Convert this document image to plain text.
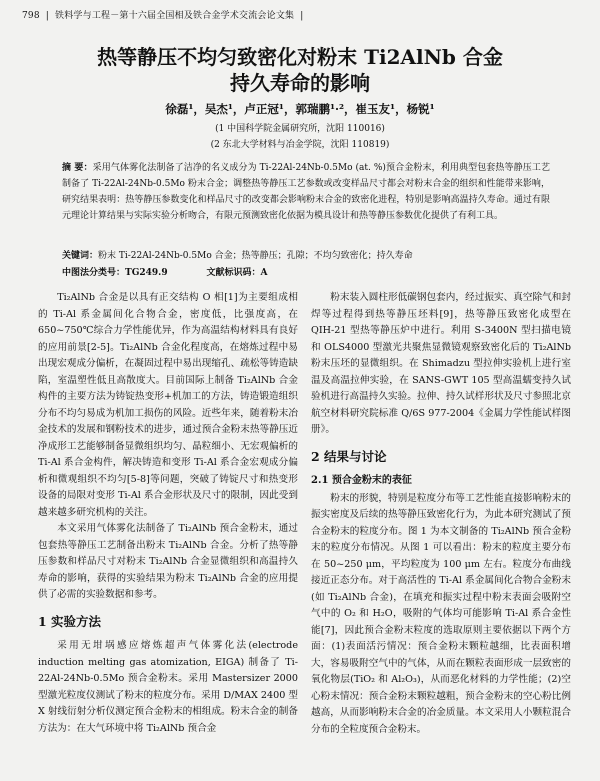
798 | 铁料学与工程－第十六届全国相及铁合金学术交流会论文集 |
热等静压不均匀致密化对粉末 Ti2AlNb 合金
持久寿命的影响
徐磊¹，吴杰¹，卢正冠¹，郭瑞鹏¹·²，崔玉友¹，杨锐¹
(1 中国科学院金属研究所，沈阳 110016)
(2 东北大学材料与冶金学院，沈阳 110819)
摘 要：采用气体雾化法制备了洁净的名义成分为 Ti-22Al-24Nb-0.5Mo (at. %)预合金粉末，利用典型包套热等静压工艺制备了 Ti-22Al-24Nb-0.5Mo 粉末合金；调整热等静压工艺参数或改变样品尺寸都会对粉末合金的组织和性能带来影响，研究结果表明：热等静压参数变化和样品尺寸的改变都会影响粉末合金的致密化进程，特别是影响高温持久寿命。通过有限元理论计算结果与实际实验分析吻合，有限元预测致密化依据为模具设计和热等静压参数优化提供了有利工具。
关键词：粉末 Ti-22Al-24Nb-0.5Mo 合金；热等静压；孔隙；不均匀致密化；持久寿命
中图法分类号：TG249.9	文献标识码：A

Ti₂AlNb 合金是以具有正交结构 O 相[1]为主要组成相的 Ti-Al 系金属间化合物合金，密度低，比强度高，在 650~750℃综合力学性能优异，作为高温结构材料具有良好的应用前景[2-5]。Ti₂AlNb 合金化程度高，在熔炼过程中易出现宏观成分偏析，在凝固过程中易出现缩孔、疏松等铸造缺陷，室温塑性低且高散度大。目前国际上制备 Ti₂AlNb 合金构件的主要方法为铸锭热变形+机加工的方法，铸造锻造组织分布不均匀易成为机加工损伤的风险。近些年来，随着粉末冶金技术的发展和钢粉技术的进步，通过预合金粉末热等静压近净成形工艺能够制备显微组织均匀、晶粒细小、无宏观偏析的 Ti-Al 系合金构件，解决铸造和变形 Ti-Al 系合金宏观成分偏析和微观组织不均匀[5-8]等问题，突破了铸锭尺寸和热变形设备的局限对变形 Ti-Al 系合金形状及尺寸的限制，因此受到越来越多研究机构的关注。

本文采用气体雾化法制备了 Ti₂AlNb 预合金粉末，通过包套热等静压工艺制备出粉末 Ti₂AlNb 合金。分析了热等静压参数和样品尺寸对粉末 Ti₂AlNb 合金显微组织和高温持久寿命的影响，获得的实验结果为粉末 Ti₂AlNb 合金的应用提供了必需的实验数据和参考。

1 实验方法

采用无坩埚感应熔炼超声气体雾化法(electrode induction melting gas atomization, EIGA) 制备了 Ti-22Al-24Nb-0.5Mo 预合金粉末。采用 Mastersizer 2000 型激光粒度仪测试了粉末的粒度分布。采用 D/MAX 2400 型 X 射线衍射分析仪测定预合金粉末的相组成。粉末合金的制备方法为：在大气环境中将 Ti₂AlNb 预合金

粉末装入圆柱形低碳钢包套内，经过振实、真空除气和封焊等过程得到热等静压坯料[9]，热等静压致密化成型在 QIH-21 型热等静压炉中进行。利用 S-3400N 型扫描电镜和 OLS4000 型激光共聚焦显微镜观察致密化后的 Ti₂AlNb 粉末压坯的显微组织。在 Shimadzu 型拉伸实验机上进行室温及高温拉伸实验，在 SANS-GWT 105 型高温蠕变持久试验机进行高温持久实验。拉伸、持久试样形状及尺寸参照北京航空材料研究院标准 Q/6S 977-2004《金属力学性能试样图册》。

2 结果与讨论
2.1 预合金粉末的表征

粉末的形貌，特别是粒度分布等工艺性能直接影响粉末的振实密度及后续的热等静压致密化行为，为此本研究测试了预合金粉末的粒度分布。图 1 为本文制备的 Ti₂AlNb 预合金粉末的粒度分布情况。从图 1 可以看出：粉末的粒度主要分布在 50~250 μm，平均粒度为 100 μm 左右。粒度分布曲线接近正态分布。对于高活性的 Ti-Al 系金属间化合物合金粉末(如 Ti₂AlNb 合金)，在填充和振实过程中粉末表面会吸附空气中的 O₂ 和 H₂O，吸附的气体均可能影响 Ti-Al 系合金性能[7]，因此预合金粉末粒度的选取原则主要依据以下两个方面：(1)表面活污情况：预合金粉末颗粒越细，比表面积增大，容易吸附空气中的气体，从而在颗粒表面形成一层致密的氧化物层(TiO₂ 和 Al₂O₃)，从而恶化材料的力学性能；(2)空心粉末情况：预合金粉末颗粒越粗，预合金粉末的空心粉比例越高，从而影响粉末合金的冶金质量。本文采用人小颗粒混合分布的全粒度预合金粉末。
